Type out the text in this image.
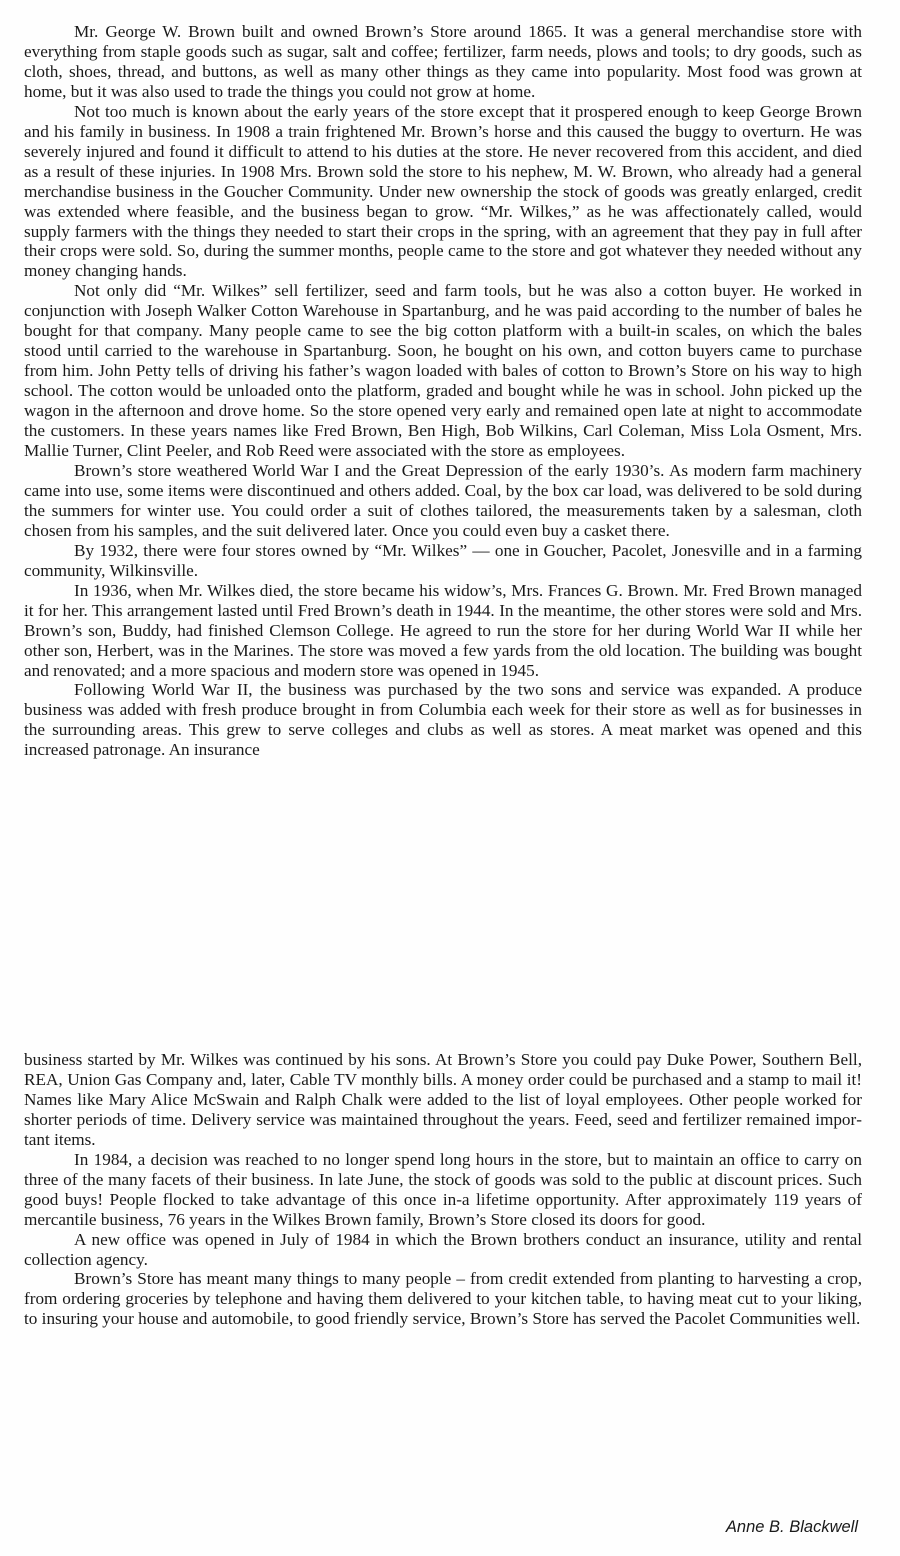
Mr. George W. Brown built and owned Brown’s Store around 1865. It was a general merchandise store with everything from staple goods such as sugar, salt and coffee; fertilizer, farm needs, plows and tools; to dry goods, such as cloth, shoes, thread, and buttons, as well as many other things as they came into popularity. Most food was grown at home, but it was also used to trade the things you could not grow at home.

Not too much is known about the early years of the store except that it prospered enough to keep George Brown and his family in business. In 1908 a train frightened Mr. Brown’s horse and this caused the buggy to overturn. He was severely injured and found it difficult to attend to his duties at the store. He never recovered from this accident, and died as a result of these injuries. In 1908 Mrs. Brown sold the store to his nephew, M. W. Brown, who already had a general merchandise business in the Goucher Community. Under new ownership the stock of goods was greatly enlarged, credit was extended where feasible, and the business began to grow. “Mr. Wilkes,” as he was affectionately called, would supply farmers with the things they needed to start their crops in the spring, with an agreement that they pay in full after their crops were sold. So, during the summer months, people came to the store and got whatever they needed without any money changing hands.

Not only did “Mr. Wilkes” sell fertilizer, seed and farm tools, but he was also a cotton buyer. He worked in conjunction with Joseph Walker Cotton Warehouse in Spartanburg, and he was paid according to the number of bales he bought for that company. Many people came to see the big cotton platform with a built-in scales, on which the bales stood until carried to the warehouse in Spartanburg. Soon, he bought on his own, and cotton buyers came to purchase from him. John Petty tells of driving his father’s wagon loaded with bales of cotton to Brown’s Store on his way to high school. The cotton would be unloaded onto the platform, graded and bought while he was in school. John picked up the wagon in the afternoon and drove home. So the store opened very early and remained open late at night to accommodate the customers. In these years names like Fred Brown, Ben High, Bob Wilkins, Carl Coleman, Miss Lola Osment, Mrs. Mallie Turner, Clint Peeler, and Rob Reed were associated with the store as employees.

Brown’s store weathered World War I and the Great Depression of the early 1930’s. As modern farm machinery came into use, some items were discontinued and others added. Coal, by the box car load, was delivered to be sold during the summers for winter use. You could order a suit of clothes tailored, the measurements taken by a salesman, cloth chosen from his samples, and the suit delivered later. Once you could even buy a casket there.

By 1932, there were four stores owned by “Mr. Wilkes” — one in Goucher, Pacolet, Jonesville and in a farming community, Wilkinsville.

In 1936, when Mr. Wilkes died, the store became his widow’s, Mrs. Frances G. Brown. Mr. Fred Brown managed it for her. This arrangement lasted until Fred Brown’s death in 1944. In the meantime, the other stores were sold and Mrs. Brown’s son, Buddy, had finished Clemson College. He agreed to run the store for her during World War II while her other son, Herbert, was in the Marines. The store was moved a few yards from the old location. The building was bought and renovated; and a more spacious and modern store was opened in 1945.

Following World War II, the business was purchased by the two sons and service was expanded. A produce business was added with fresh produce brought in from Columbia each week for their store as well as for businesses in the surrounding areas. This grew to serve colleges and clubs as well as stores. A meat market was opened and this increased patronage. An insurance

business started by Mr. Wilkes was continued by his sons. At Brown’s Store you could pay Duke Power, Southern Bell, REA, Union Gas Company and, later, Cable TV monthly bills. A money order could be purchased and a stamp to mail it! Names like Mary Alice McSwain and Ralph Chalk were added to the list of loyal employees. Other people worked for shorter periods of time. Delivery service was maintained throughout the years. Feed, seed and fertilizer remained important items.

In 1984, a decision was reached to no longer spend long hours in the store, but to maintain an office to carry on three of the many facets of their business. In late June, the stock of goods was sold to the public at discount prices. Such good buys! People flocked to take advantage of this once in-a lifetime opportunity. After approximately 119 years of mercantile business, 76 years in the Wilkes Brown family, Brown’s Store closed its doors for good.

A new office was opened in July of 1984 in which the Brown brothers conduct an insurance, utility and rental collection agency.

Brown’s Store has meant many things to many people – from credit extended from planting to harvesting a crop, from ordering groceries by telephone and having them delivered to your kitchen table, to having meat cut to your liking, to insuring your house and automobile, to good friendly service, Brown’s Store has served the Pacolet Communities well.

Anne B. Blackwell
